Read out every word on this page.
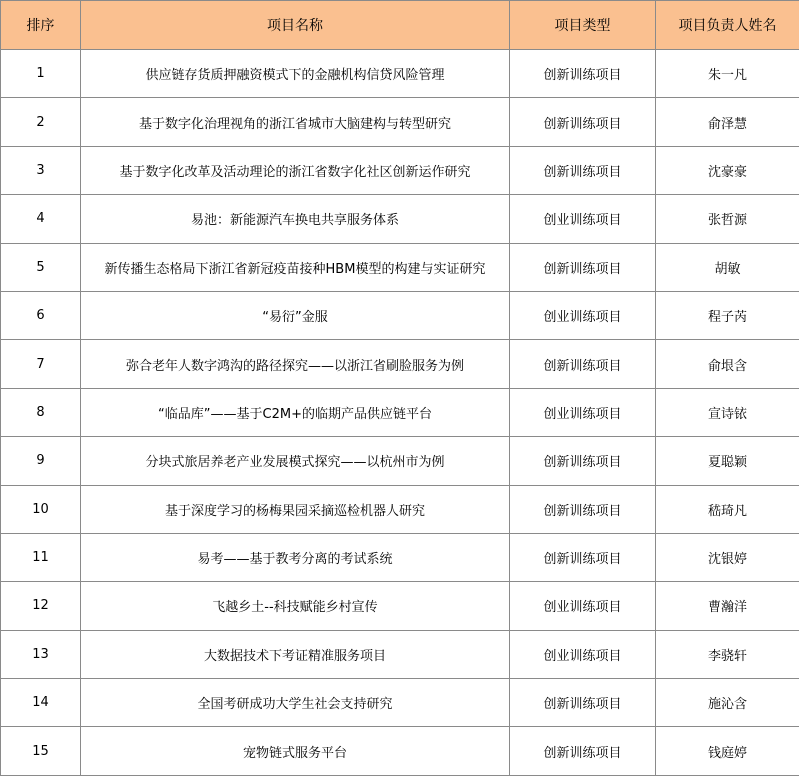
排序	项目名称	项目类型	项目负责人姓名
1	供应链存货质押融资模式下的金融机构信贷风险管理	创新训练项目	朱一凡
2	基于数字化治理视角的浙江省城市大脑建构与转型研究	创新训练项目	俞泽慧
3	基于数字化改革及活动理论的浙江省数字化社区创新运作研究	创新训练项目	沈豪豪
4	易池：新能源汽车换电共享服务体系	创业训练项目	张哲源
5	新传播生态格局下浙江省新冠疫苗接种HBM模型的构建与实证研究	创新训练项目	胡敏
6	“易衍”金服	创业训练项目	程子芮
7	弥合老年人数字鸿沟的路径探究——以浙江省刷脸服务为例	创新训练项目	俞垠含
8	“临品库”——基于C2M+的临期产品供应链平台	创业训练项目	宣诗铱
9	分块式旅居养老产业发展模式探究——以杭州市为例	创新训练项目	夏聪颖
10	基于深度学习的杨梅果园采摘巡检机器人研究	创新训练项目	嵇琦凡
11	易考——基于教考分离的考试系统	创新训练项目	沈银婷
12	飞越乡土--科技赋能乡村宣传	创业训练项目	曹瀚洋
13	大数据技术下考证精准服务项目	创业训练项目	李骁轩
14	全国考研成功大学生社会支持研究	创新训练项目	施沁含
15	宠物链式服务平台	创新训练项目	钱庭婷
